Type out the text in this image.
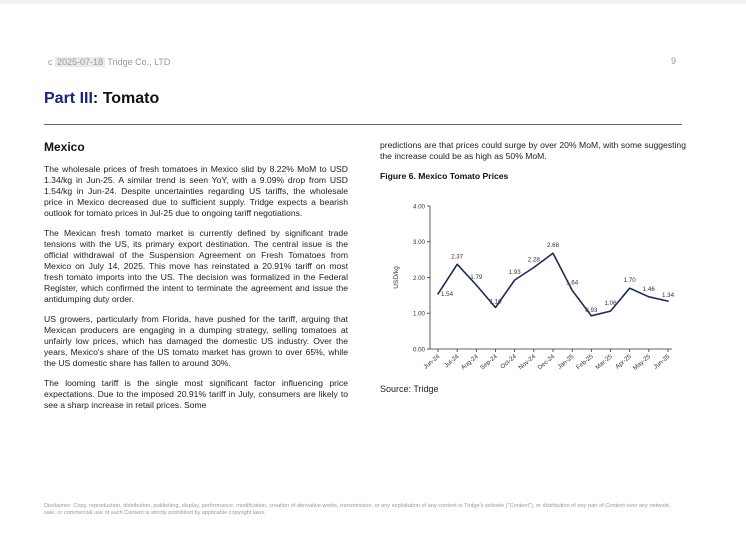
c 2025-07-18 Tridge Co., LTD	9
Part III: Tomato
Mexico

The wholesale prices of fresh tomatoes in Mexico slid by 8.22% MoM to USD 1.34/kg in Jun-25. A similar trend is seen YoY, with a 9.09% drop from USD 1.54/kg in Jun-24. Despite uncertainties regarding US tariffs, the wholesale price in Mexico decreased due to sufficient supply. Tridge expects a bearish outlook for tomato prices in Jul-25 due to ongoing tariff negotiations.

The Mexican fresh tomato market is currently defined by significant trade tensions with the US, its primary export destination. The central issue is the official withdrawal of the Suspension Agreement on Fresh Tomatoes from Mexico on July 14, 2025. This move has reinstated a 20.91% tariff on most fresh tomato imports into the US. The decision was formalized in the Federal Register, which confirmed the intent to terminate the agreement and issue the antidumping duty order.

US growers, particularly from Florida, have pushed for the tariff, arguing that Mexican producers are engaging in a dumping strategy, selling tomatoes at unfairly low prices, which has damaged the domestic US industry. Over the years, Mexico's share of the US tomato market has grown to over 65%, while the US domestic share has fallen to around 30%.

The looming tariff is the single most significant factor influencing price expectations. Due to the imposed 20.91% tariff in July, consumers are likely to see a sharp increase in retail prices. Some

predictions are that prices could surge by over 20% MoM, with some suggesting the increase could be as high as 50% MoM.

Figure 6. Mexico Tomato Prices
USD/kg
0.00
1.00
2.00
3.00
4.00
Jun-24 Jul-24 Aug-24 Sep-24 Oct-24 Nov-24 Dec-24 Jan-25 Feb-25 Mar-25 Apr-25
May-25 Jun-25
1.54
2.37
1.79
1.16
1.93
2.28
2.68
1.64
0.93
1.06
1.70
1.46
1.34
Source: Tridge
Disclaimer: Copy, reproduction, distribution, publishing, display, performance, modification, creation of derivative works, transmission, or any exploitation of any content in Tridge's website ("Content"), or distribution of any part of Content over any network, sale, or commercial use of such Content is strictly prohibited by applicable copyright laws.
